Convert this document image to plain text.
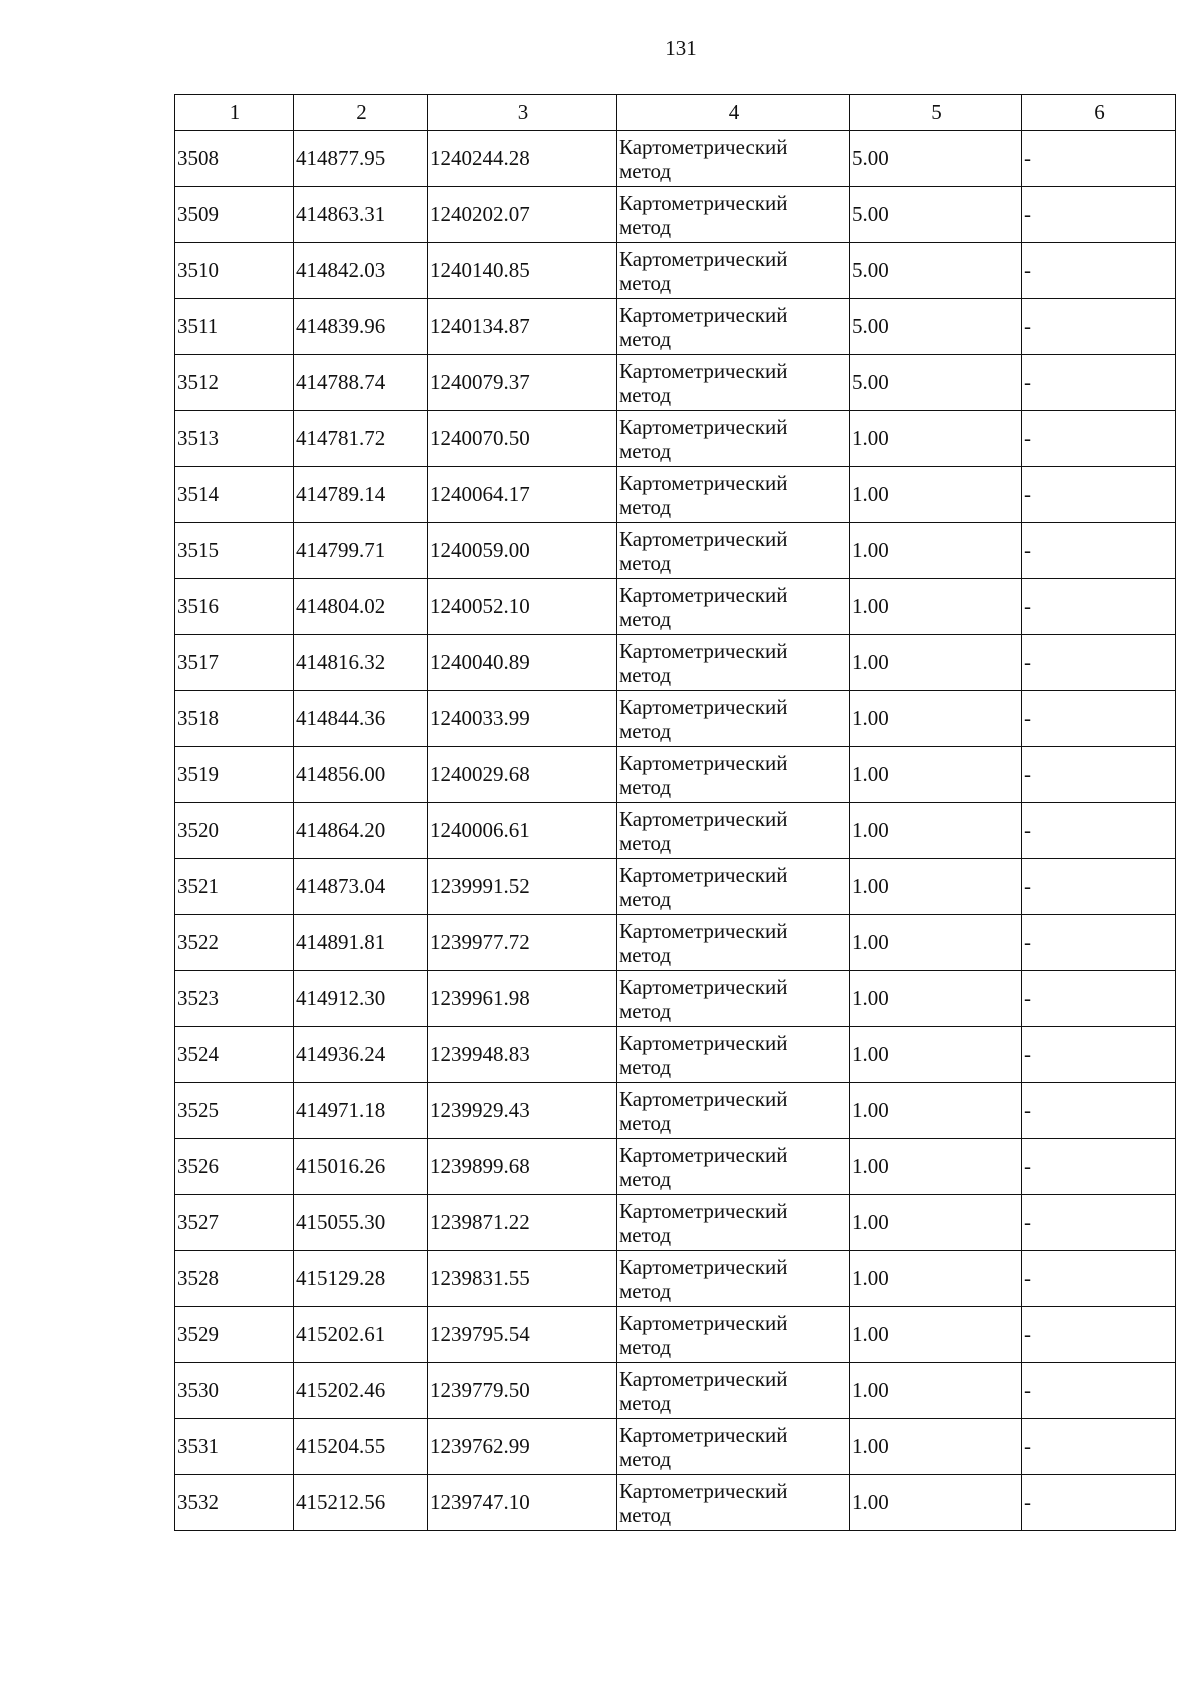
131
1	2	3	4	5	6
3508	414877.95	1240244.28	Картометрический
метод	5.00	-
3509	414863.31	1240202.07	Картометрический
метод	5.00	-
3510	414842.03	1240140.85	Картометрический
метод	5.00	-
3511	414839.96	1240134.87	Картометрический
метод	5.00	-
3512	414788.74	1240079.37	Картометрический
метод	5.00	-
3513	414781.72	1240070.50	Картометрический
метод	1.00	-
3514	414789.14	1240064.17	Картометрический
метод	1.00	-
3515	414799.71	1240059.00	Картометрический
метод	1.00	-
3516	414804.02	1240052.10	Картометрический
метод	1.00	-
3517	414816.32	1240040.89	Картометрический
метод	1.00	-
3518	414844.36	1240033.99	Картометрический
метод	1.00	-
3519	414856.00	1240029.68	Картометрический
метод	1.00	-
3520	414864.20	1240006.61	Картометрический
метод	1.00	-
3521	414873.04	1239991.52	Картометрический
метод	1.00	-
3522	414891.81	1239977.72	Картометрический
метод	1.00	-
3523	414912.30	1239961.98	Картометрический
метод	1.00	-
3524	414936.24	1239948.83	Картометрический
метод	1.00	-
3525	414971.18	1239929.43	Картометрический
метод	1.00	-
3526	415016.26	1239899.68	Картометрический
метод	1.00	-
3527	415055.30	1239871.22	Картометрический
метод	1.00	-
3528	415129.28	1239831.55	Картометрический
метод	1.00	-
3529	415202.61	1239795.54	Картометрический
метод	1.00	-
3530	415202.46	1239779.50	Картометрический
метод	1.00	-
3531	415204.55	1239762.99	Картометрический
метод	1.00	-
3532	415212.56	1239747.10	Картометрический
метод	1.00	-
